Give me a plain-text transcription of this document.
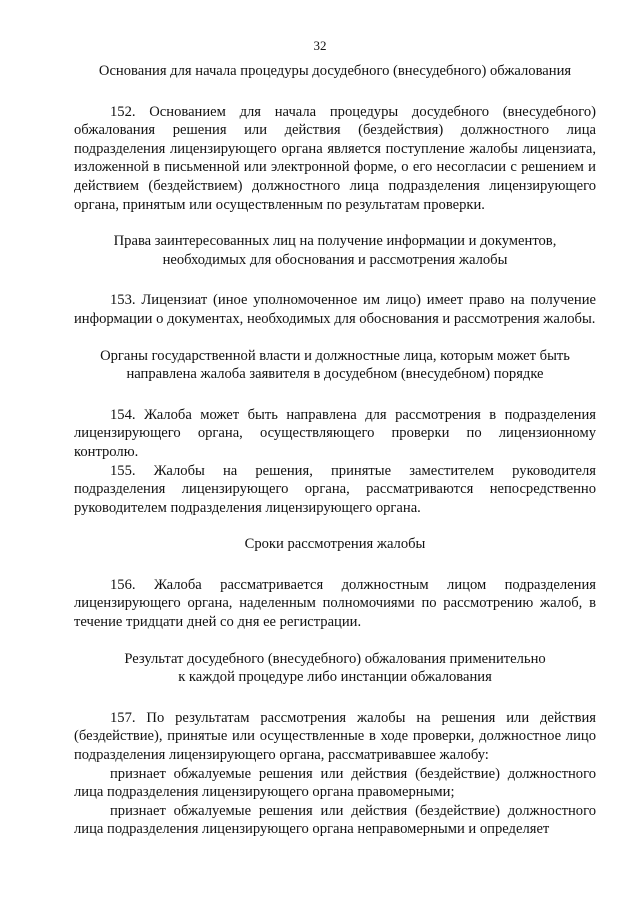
32
Основания для начала процедуры досудебного (внесудебного) обжалования

152. Основанием для начала процедуры досудебного (внесудебного) обжалования решения или действия (бездействия) должностного лица подразделения лицензирующего органа является поступление жалобы лицензиата, изложенной в письменной или электронной форме, о его несогласии с решением и действием (бездействием) должностного лица подразделения лицензирующего органа, принятым или осуществленным по результатам проверки.

Права заинтересованных лиц на получение информации и документов,
необходимых для обоснования и рассмотрения жалобы

153. Лицензиат (иное уполномоченное им лицо) имеет право на получение информации о документах, необходимых для обоснования и рассмотрения жалобы.

Органы государственной власти и должностные лица, которым может быть
направлена жалоба заявителя в досудебном (внесудебном) порядке

154. Жалоба может быть направлена для рассмотрения в подразделения лицензирующего органа, осуществляющего проверки по лицензионному контролю.

155. Жалобы на решения, принятые заместителем руководителя подразделения лицензирующего органа, рассматриваются непосредственно руководителем подразделения лицензирующего органа.

Сроки рассмотрения жалобы

156. Жалоба рассматривается должностным лицом подразделения лицензирующего органа, наделенным полномочиями по рассмотрению жалоб, в течение тридцати дней со дня ее регистрации.

Результат досудебного (внесудебного) обжалования применительно
к каждой процедуре либо инстанции обжалования

157. По результатам рассмотрения жалобы на решения или действия (бездействие), принятые или осуществленные в ходе проверки, должностное лицо подразделения лицензирующего органа, рассматривавшее жалобу:

признает обжалуемые решения или действия (бездействие) должностного лица подразделения лицензирующего органа правомерными;

признает обжалуемые решения или действия (бездействие) должностного лица подразделения лицензирующего органа неправомерными и определяет
